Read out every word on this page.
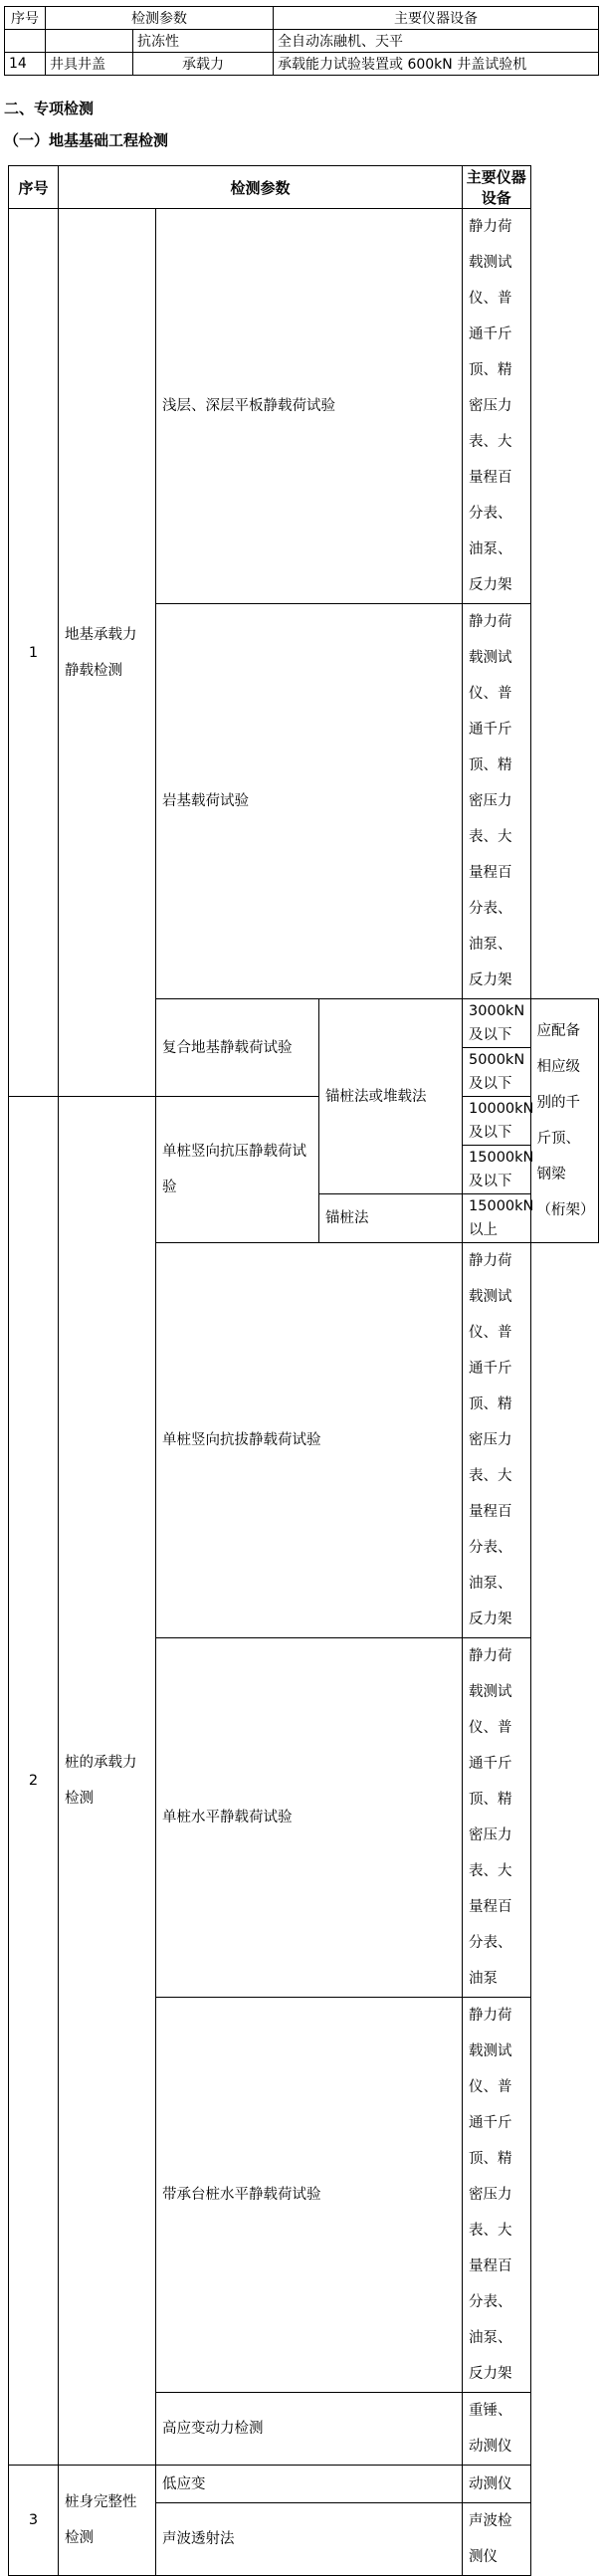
序号	检测参数		主要仪器设备
		抗冻性	全自动冻融机、天平
14	井具井盖	承载力	承载能力试验装置或 600kN 井盖试验机
二、专项检测
（一）地基基础工程检测
序号	检测参数			主要仪器设备	
1	地基承载力静载检测	浅层、深层平板静载荷试验		静力荷载测试仪、普通千斤顶、精密压力表、大量程百分表、油泵、反力架	
		岩基载荷试验		静力荷载测试仪、普通千斤顶、精密压力表、大量程百分表、油泵、反力架	
		复合地基静载荷试验	锚桩法或堆载法	3000kN 及以下	应配备相应级别的千斤顶、钢梁（桁架）
				5000kN 及以下	
2	桩的承载力检测	单桩竖向抗压静载荷试验		10000kN 及以下	
				15000kN 及以下	
			锚桩法	15000kN 以上	
		单桩竖向抗拔静载荷试验		静力荷载测试仪、普通千斤顶、精密压力表、大量程百分表、油泵、反力架	
		单桩水平静载荷试验		静力荷载测试仪、普通千斤顶、精密压力表、大量程百分表、油泵	
		带承台桩水平静载荷试验		静力荷载测试仪、普通千斤顶、精密压力表、大量程百分表、油泵、反力架	
		高应变动力检测		重锤、动测仪	
3	桩身完整性检测	低应变		动测仪	
		声波透射法		声波检测仪	
